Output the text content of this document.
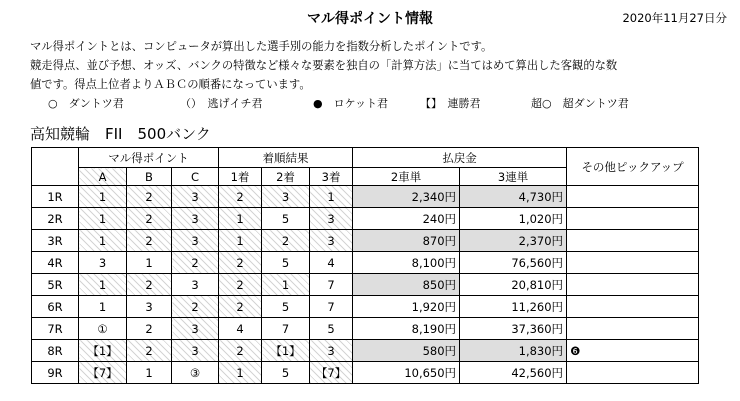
マル得ポイント情報	2020年11月27日分
マル得ポイントとは、コンピュータが算出した選手別の能力を指数分析したポイントです。
競走得点、並び予想、オッズ、バンクの特徴など様々な要素を独自の「計算方法」に当てはめて算出した客観的な数
値です。得点上位者よりＡＢＣの順番になっています。
○　ダントツ君	（）　逃げイチ君	●　ロケット君	【】　連勝君	超○　超ダントツ君
高知競輪　FII　500バンク
	マル得ポイント			着順結果			払戻金		その他ピックアップ
	A	B	C	1着	2着	3着	2車単	3連単	
1R	1	2	3	2	3	1	2,340円	4,730円	
2R	1	2	3	1	5	3	240円	1,020円	
3R	1	2	3	1	2	3	870円	2,370円	
4R	3	1	2	2	5	4	8,100円	76,560円	
5R	1	2	3	2	1	7	850円	20,810円	
6R	1	3	2	2	5	7	1,920円	11,260円	
7R	①	2	3	4	7	5	8,190円	37,360円	
8R	【1】	2	3	2	【1】	3	580円	1,830円	❻
9R	【7】	1	③	1	5	【7】	10,650円	42,560円	
